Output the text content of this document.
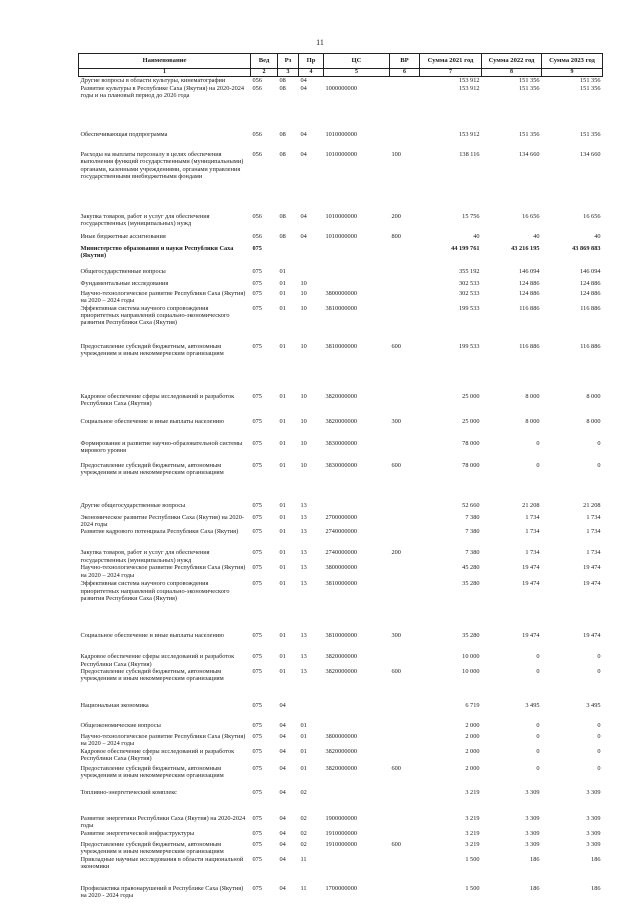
11
Наименование	Вед	Рз	Пр	ЦС	ВР	Сумма 2021 год	Сумма 2022 год	Сумма 2023 год
1	2	3	4	5	6	7	8	9
Другие вопросы в области культуры, кинематографии	056	08	04			153 912	151 356	151 356
Развитие культуры в Республике Саха (Якутия) на 2020-2024 годы и на плановый период до 2026 года	056	08	04	1000000000		153 912	151 356	151 356
Обеспечивающая подпрограмма	056	08	04	1010000000		153 912	151 356	151 356
Расходы на выплаты персоналу в целях обеспечения выполнения функций государственными (муниципальными) органами, казенными учреждениями, органами управления государственными внебюджетными фондами	056	08	04	1010000000	100	138 116	134 660	134 660
Закупка товаров, работ и услуг для обеспечения государственных (муниципальных) нужд	056	08	04	1010000000	200	15 756	16 656	16 656
Иные бюджетные ассигнования	056	08	04	1010000000	800	40	40	40
Министерство образования и науки Республики Саха (Якутия)	075					44 199 761	43 216 195	43 869 883
Общегосударственные вопросы	075	01				355 192	146 094	146 094
Фундаментальные исследования	075	01	10			302 533	124 886	124 886
Научно-технологическое развитие Республики Саха (Якутия) на 2020 – 2024 годы	075	01	10	3800000000		302 533	124 886	124 886
Эффективная система научного сопровождения приоритетных направлений социально-экономического развития Республики Саха (Якутия)	075	01	10	3810000000		199 533	116 886	116 886
Предоставление субсидий бюджетным, автономным учреждениям и иным некоммерческим организациям	075	01	10	3810000000	600	199 533	116 886	116 886
Кадровое обеспечение сферы исследований и разработок Республики Саха (Якутия)	075	01	10	3820000000		25 000	8 000	8 000
Социальное обеспечение и иные выплаты населению	075	01	10	3820000000	300	25 000	8 000	8 000
Формирование и развитие научно-образовательной системы мирового уровня	075	01	10	3830000000		78 000	0	0
Предоставление субсидий бюджетным, автономным учреждениям и иным некоммерческим организациям	075	01	10	3830000000	600	78 000	0	0
Другие общегосударственные вопросы	075	01	13			52 660	21 208	21 208
Экономическое развитие Республики Саха (Якутия) на 2020-2024 годы	075	01	13	2700000000		7 380	1 734	1 734
Развитие кадрового потенциала Республики Саха (Якутия)	075	01	13	2740000000		7 380	1 734	1 734
Закупка товаров, работ и услуг для обеспечения государственных (муниципальных) нужд	075	01	13	2740000000	200	7 380	1 734	1 734
Научно-технологическое развитие Республики Саха (Якутия) на 2020 – 2024 годы	075	01	13	3800000000		45 280	19 474	19 474
Эффективная система научного сопровождения приоритетных направлений социально-экономического развития Республики Саха (Якутия)	075	01	13	3810000000		35 280	19 474	19 474
Социальное обеспечение и иные выплаты населению	075	01	13	3810000000	300	35 280	19 474	19 474
Кадровое обеспечение сферы исследований и разработок Республики Саха (Якутия)	075	01	13	3820000000		10 000	0	0
Предоставление субсидий бюджетным, автономным учреждениям и иным некоммерческим организациям	075	01	13	3820000000	600	10 000	0	0
Национальная экономика	075	04				6 719	3 495	3 495
Общеэкономические вопросы	075	04	01			2 000	0	0
Научно-технологическое развитие Республики Саха (Якутия) на 2020 – 2024 годы	075	04	01	3800000000		2 000	0	0
Кадровое обеспечение сферы исследований и разработок Республики Саха (Якутия)	075	04	01	3820000000		2 000	0	0
Предоставление субсидий бюджетным, автономным учреждениям и иным некоммерческим организациям	075	04	01	3820000000	600	2 000	0	0
Топливно-энергетический комплекс	075	04	02			3 219	3 309	3 309
Развитие энергетики Республики Саха (Якутия) на 2020-2024 годы	075	04	02	1900000000		3 219	3 309	3 309
Развитие энергетической инфраструктуры	075	04	02	1910000000		3 219	3 309	3 309
Предоставление субсидий бюджетным, автономным учреждениям и иным некоммерческим организациям	075	04	02	1910000000	600	3 219	3 309	3 309
Прикладные научные исследования в области национальной экономики	075	04	11			1 500	186	186
Профилактика правонарушений в Республике Саха (Якутия) на 2020 - 2024 годы	075	04	11	1700000000		1 500	186	186
